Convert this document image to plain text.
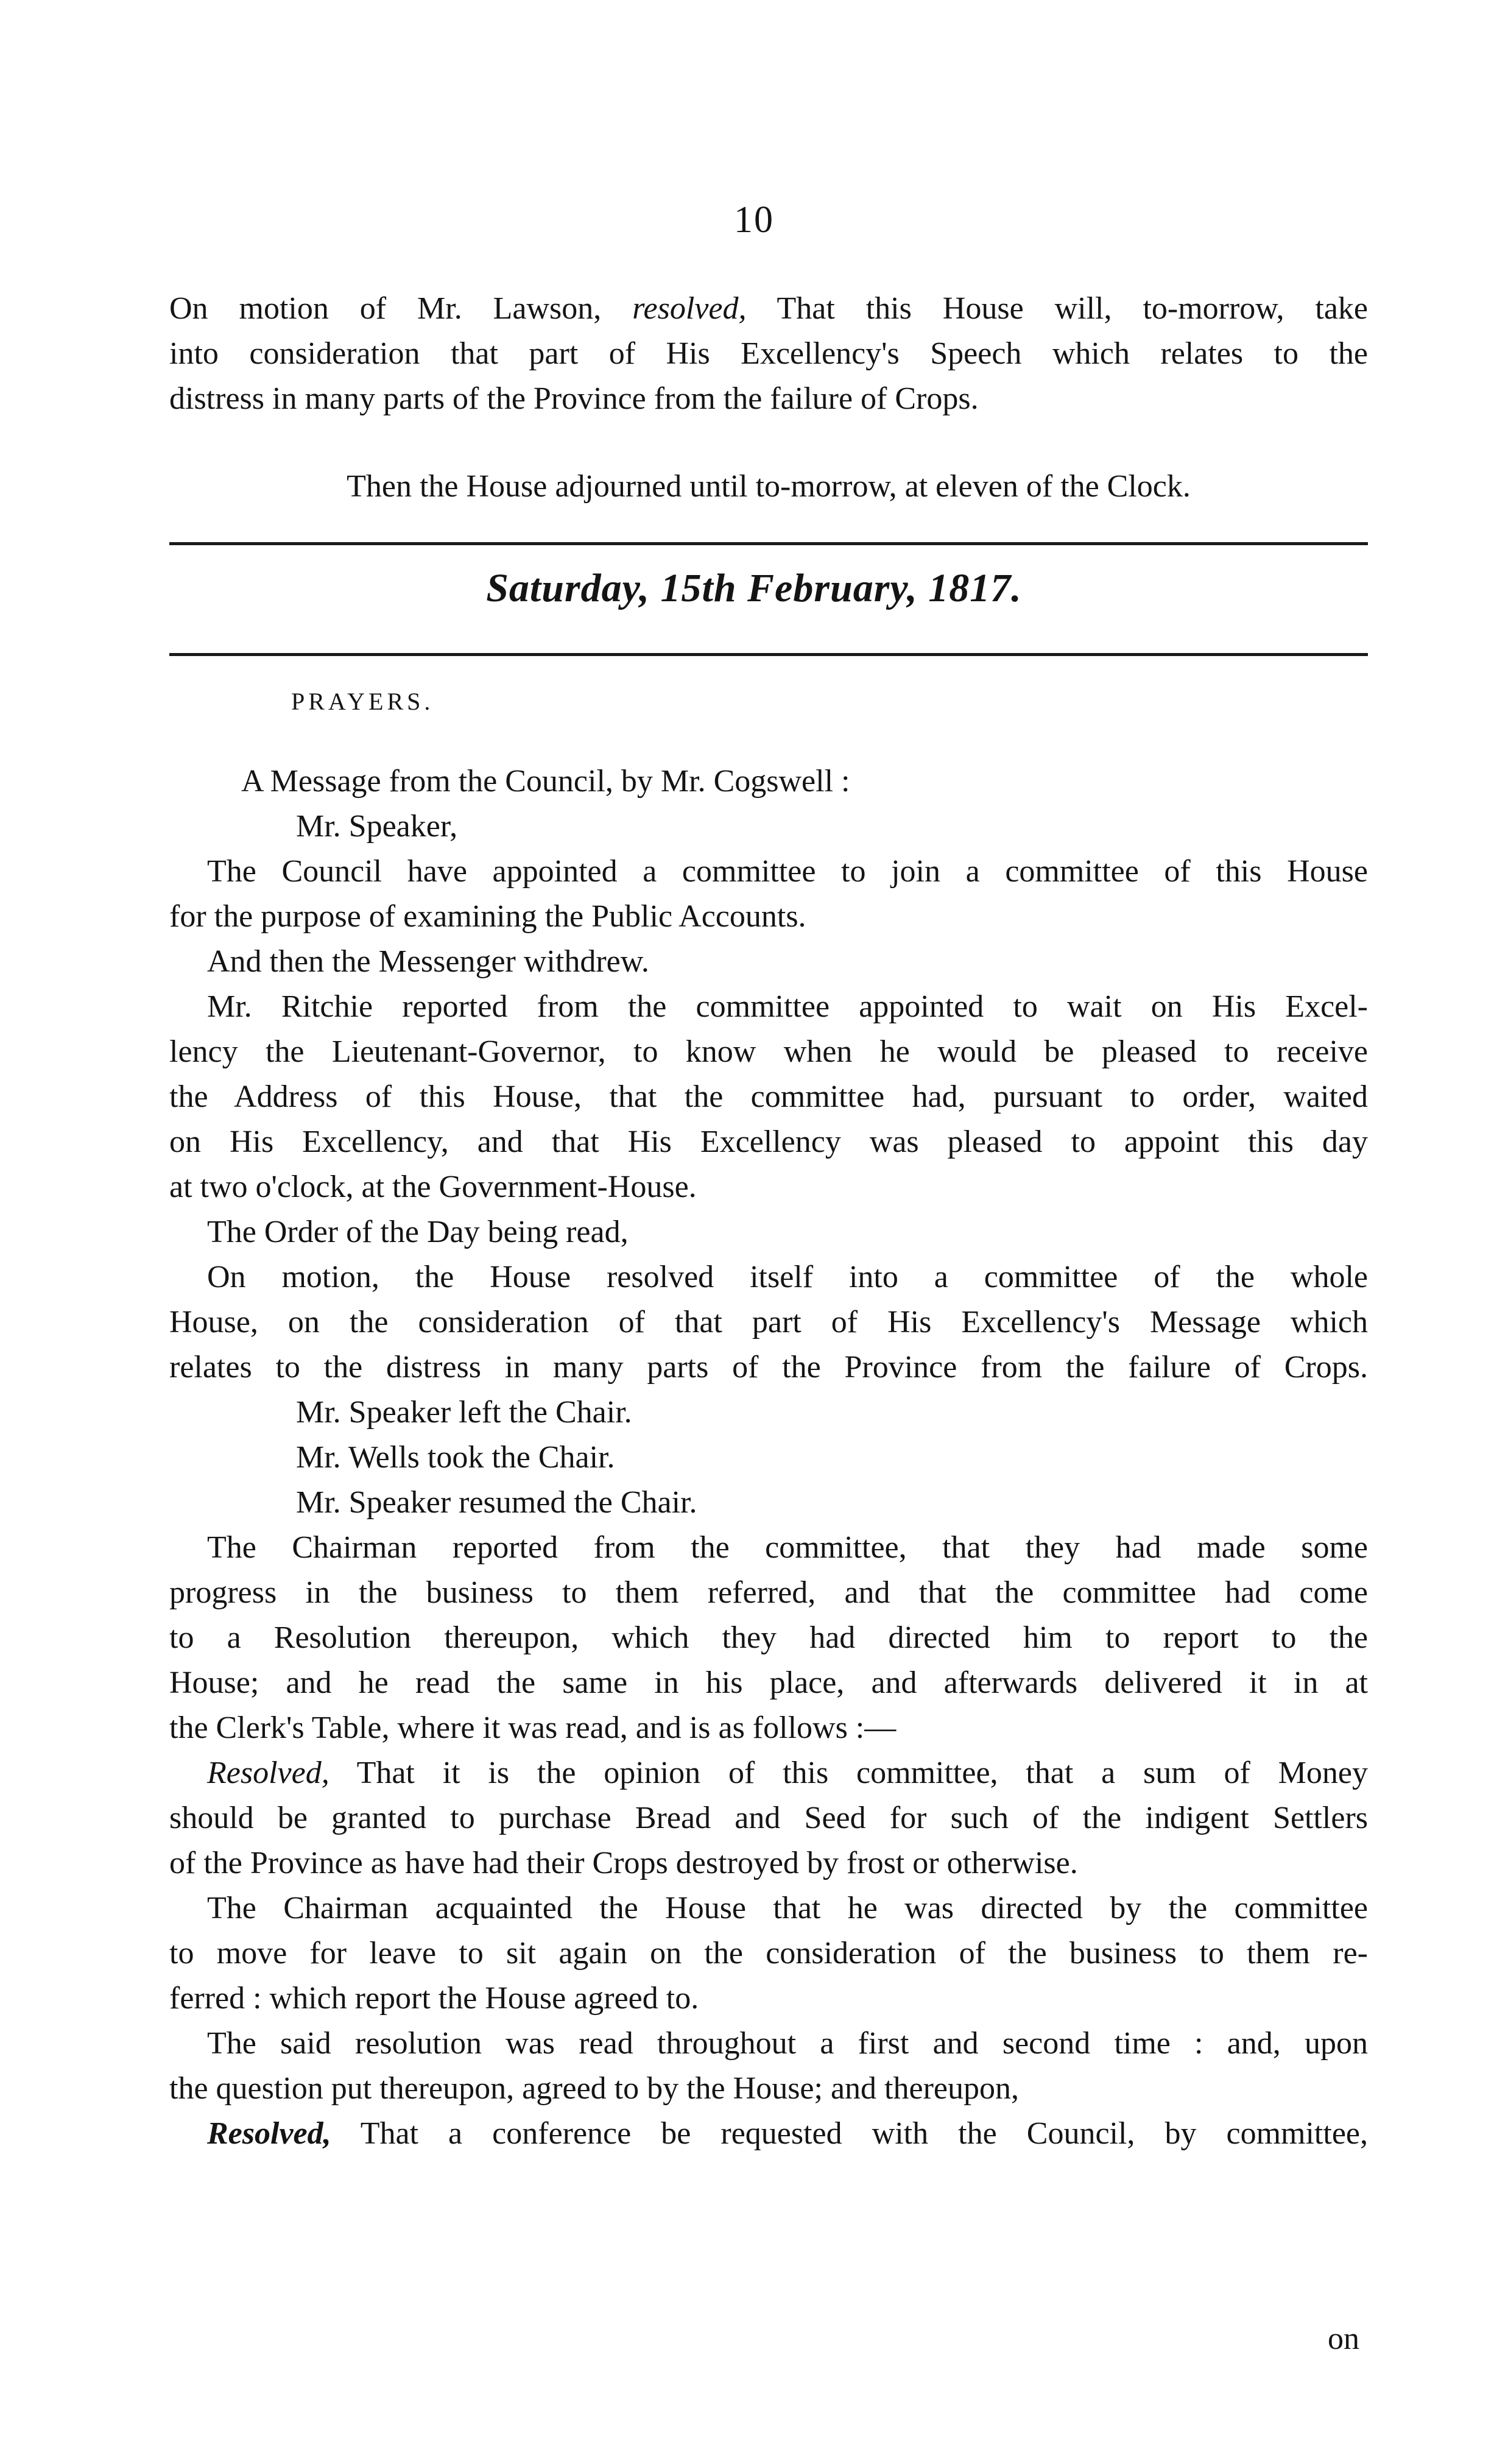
10
On motion of Mr. Lawson, resolved, That this House will, to-morrow, take
into consideration that part of His Excellency's Speech which relates to the
distress in many parts of the Province from the failure of Crops.
Then the House adjourned until to-morrow, at eleven of the Clock.
Saturday, 15th February, 1817.
PRAYERS.
A Message from the Council, by Mr. Cogswell :
Mr. Speaker,
The Council have appointed a committee to join a committee of this House
for the purpose of examining the Public Accounts.
And then the Messenger withdrew.
Mr. Ritchie reported from the committee appointed to wait on His Excel-
lency the Lieutenant-Governor, to know when he would be pleased to receive
the Address of this House, that the committee had, pursuant to order, waited
on His Excellency, and that His Excellency was pleased to appoint this day
at two o'clock, at the Government-House.
The Order of the Day being read,
On motion, the House resolved itself into a committee of the whole
House, on the consideration of that part of His Excellency's Message which
relates to the distress in many parts of the Province from the failure of Crops.
Mr. Speaker left the Chair.
Mr. Wells took the Chair.
Mr. Speaker resumed the Chair.
The Chairman reported from the committee, that they had made some
progress in the business to them referred, and that the committee had come
to a Resolution thereupon, which they had directed him to report to the
House; and he read the same in his place, and afterwards delivered it in at
the Clerk's Table, where it was read, and is as follows :—
Resolved, That it is the opinion of this committee, that a sum of Money
should be granted to purchase Bread and Seed for such of the indigent Settlers
of the Province as have had their Crops destroyed by frost or otherwise.
The Chairman acquainted the House that he was directed by the committee
to move for leave to sit again on the consideration of the business to them re-
ferred : which report the House agreed to.
The said resolution was read throughout a first and second time : and, upon
the question put thereupon, agreed to by the House; and thereupon,
Resolved, That a conference be requested with the Council, by committee,
on
